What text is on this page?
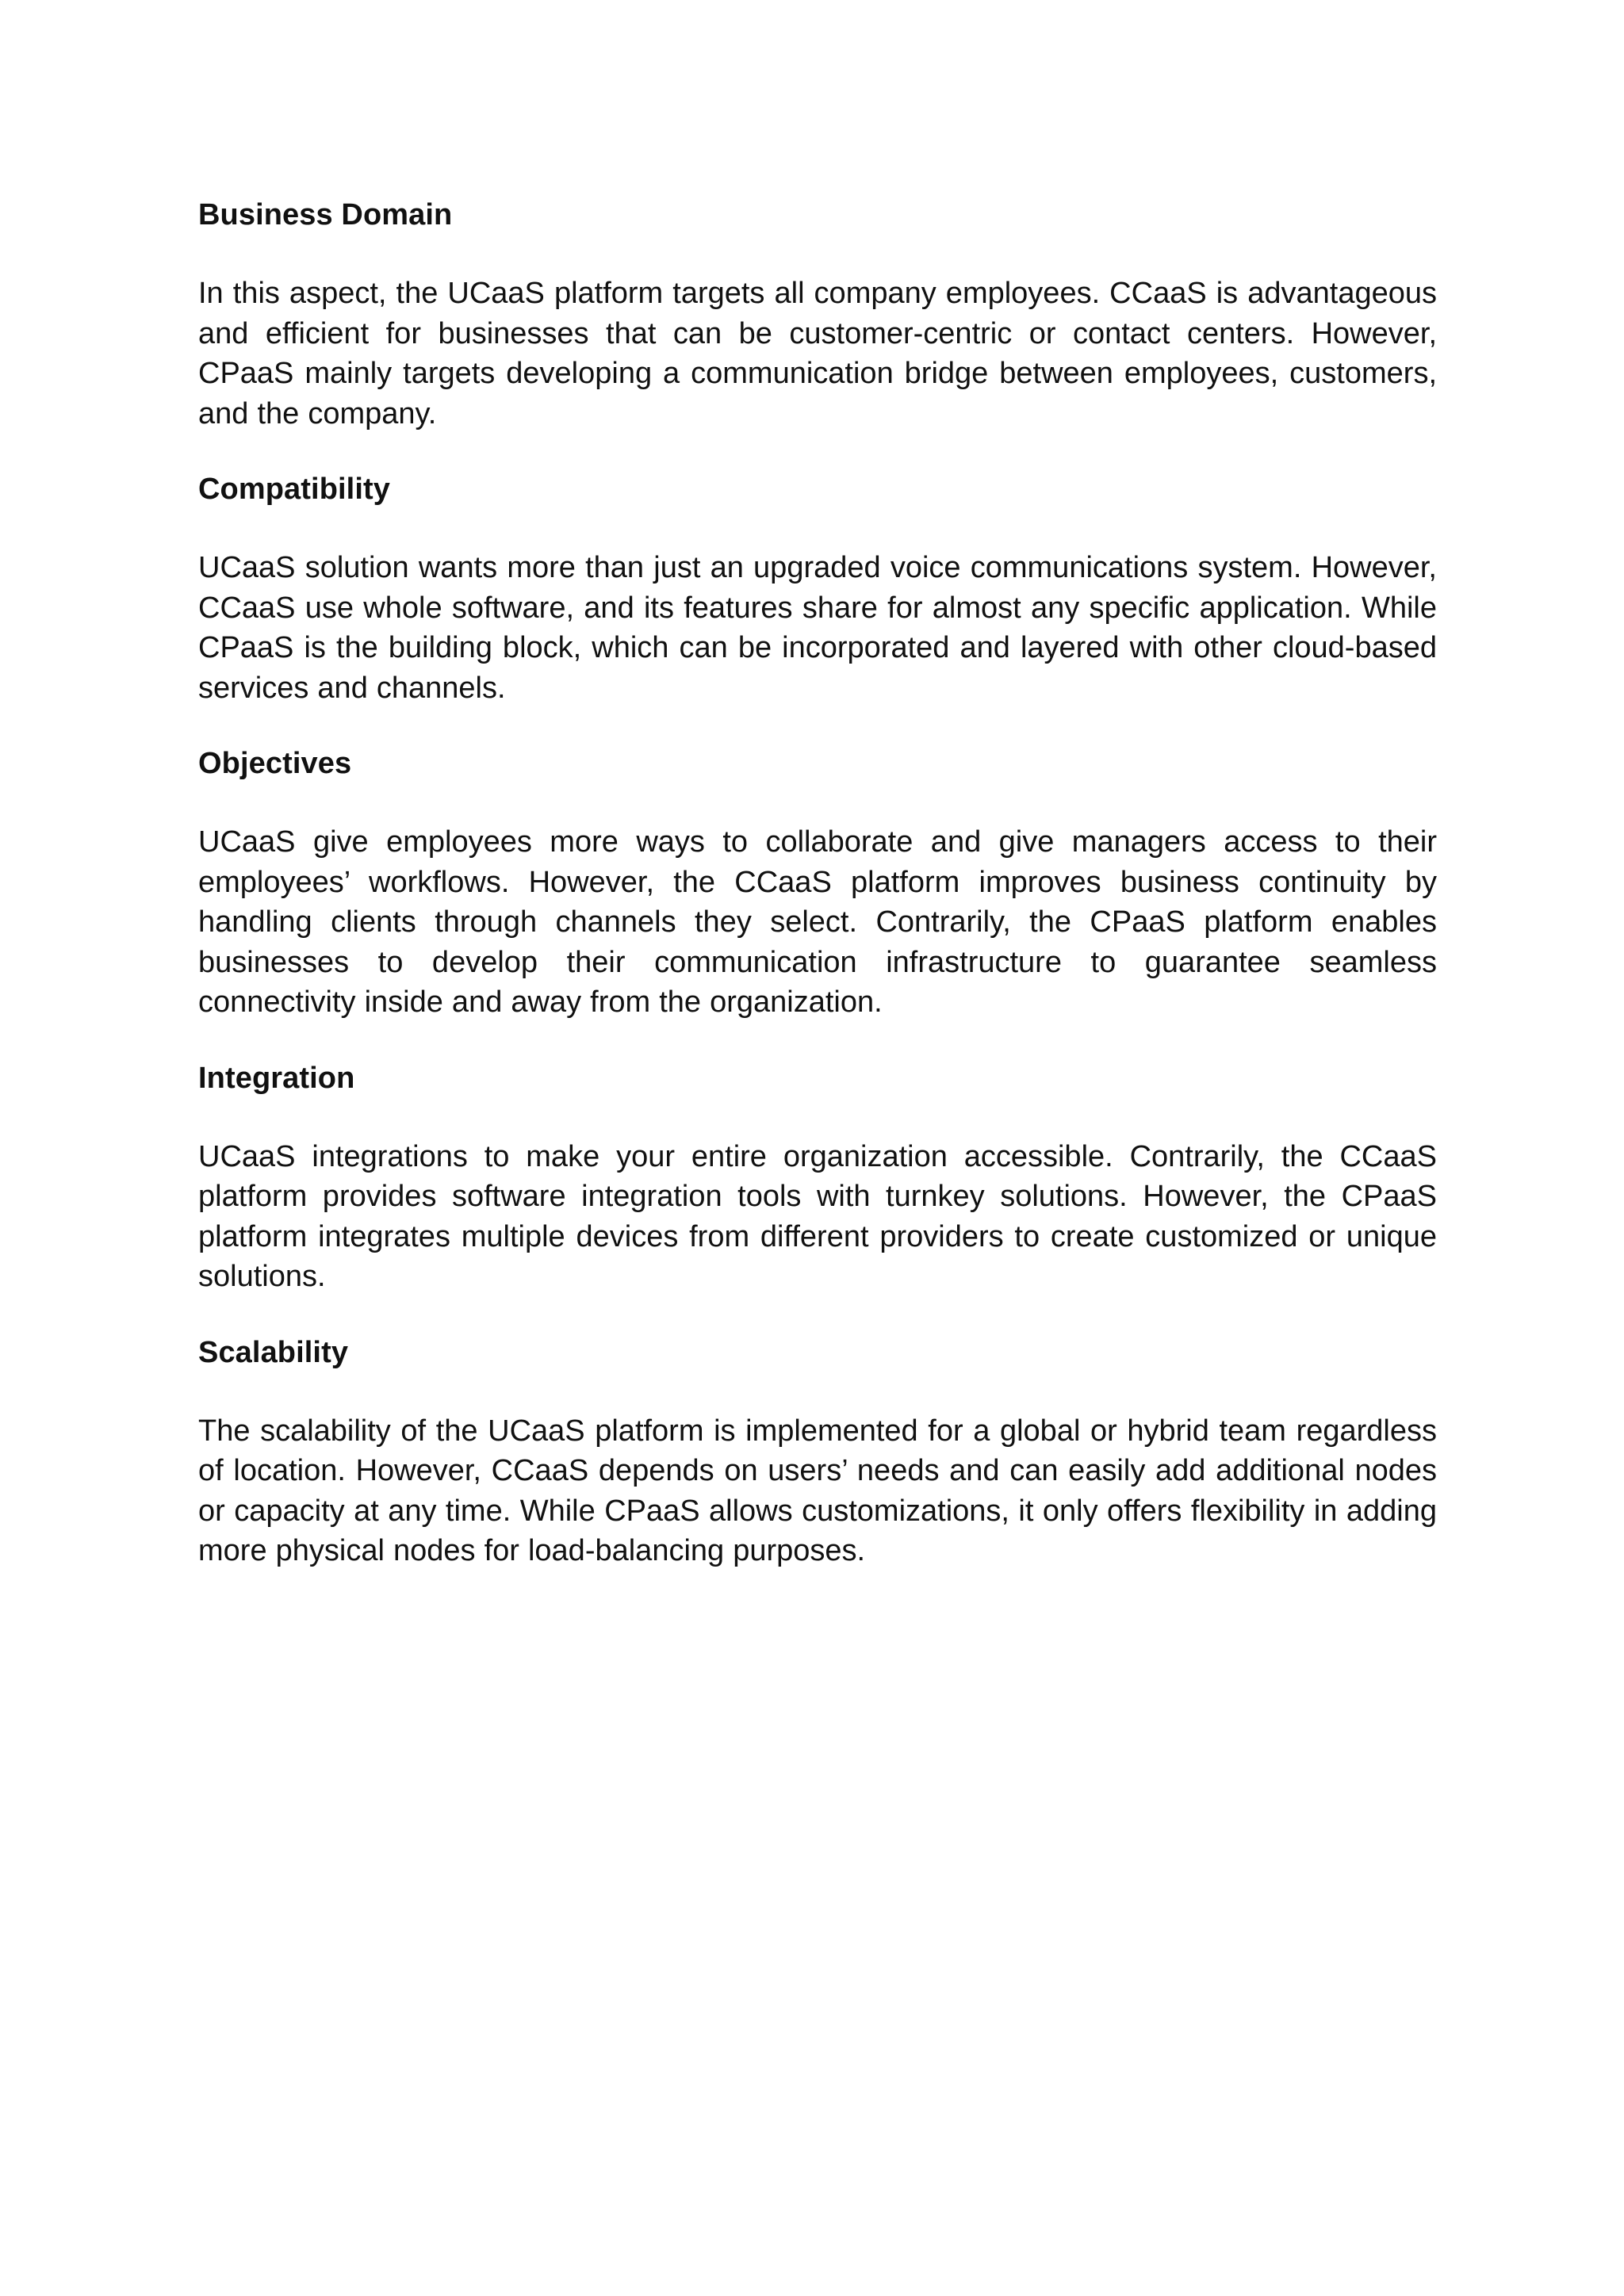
Business Domain

In this aspect, the UCaaS platform targets all company employees. CCaaS is advantageous and efficient for businesses that can be customer-centric or contact centers. However, CPaaS mainly targets developing a communication bridge between employees, customers, and the company.

Compatibility

UCaaS solution wants more than just an upgraded voice communications system. However, CCaaS use whole software, and its features share for almost any specific application. While CPaaS is the building block, which can be incorporated and layered with other cloud-based services and channels.

Objectives

UCaaS give employees more ways to collaborate and give managers access to their employees’ workflows. However, the CCaaS platform improves business continuity by handling clients through channels they select. Contrarily, the CPaaS platform enables businesses to develop their communication infrastructure to guarantee seamless connectivity inside and away from the organization.

Integration

UCaaS integrations to make your entire organization accessible. Contrarily, the CCaaS platform provides software integration tools with turnkey solutions. However, the CPaaS platform integrates multiple devices from different providers to create customized or unique solutions.

Scalability

The scalability of the UCaaS platform is implemented for a global or hybrid team regardless of location. However, CCaaS depends on users’ needs and can easily add additional nodes or capacity at any time. While CPaaS allows customizations, it only offers flexibility in adding more physical nodes for load-balancing purposes.
